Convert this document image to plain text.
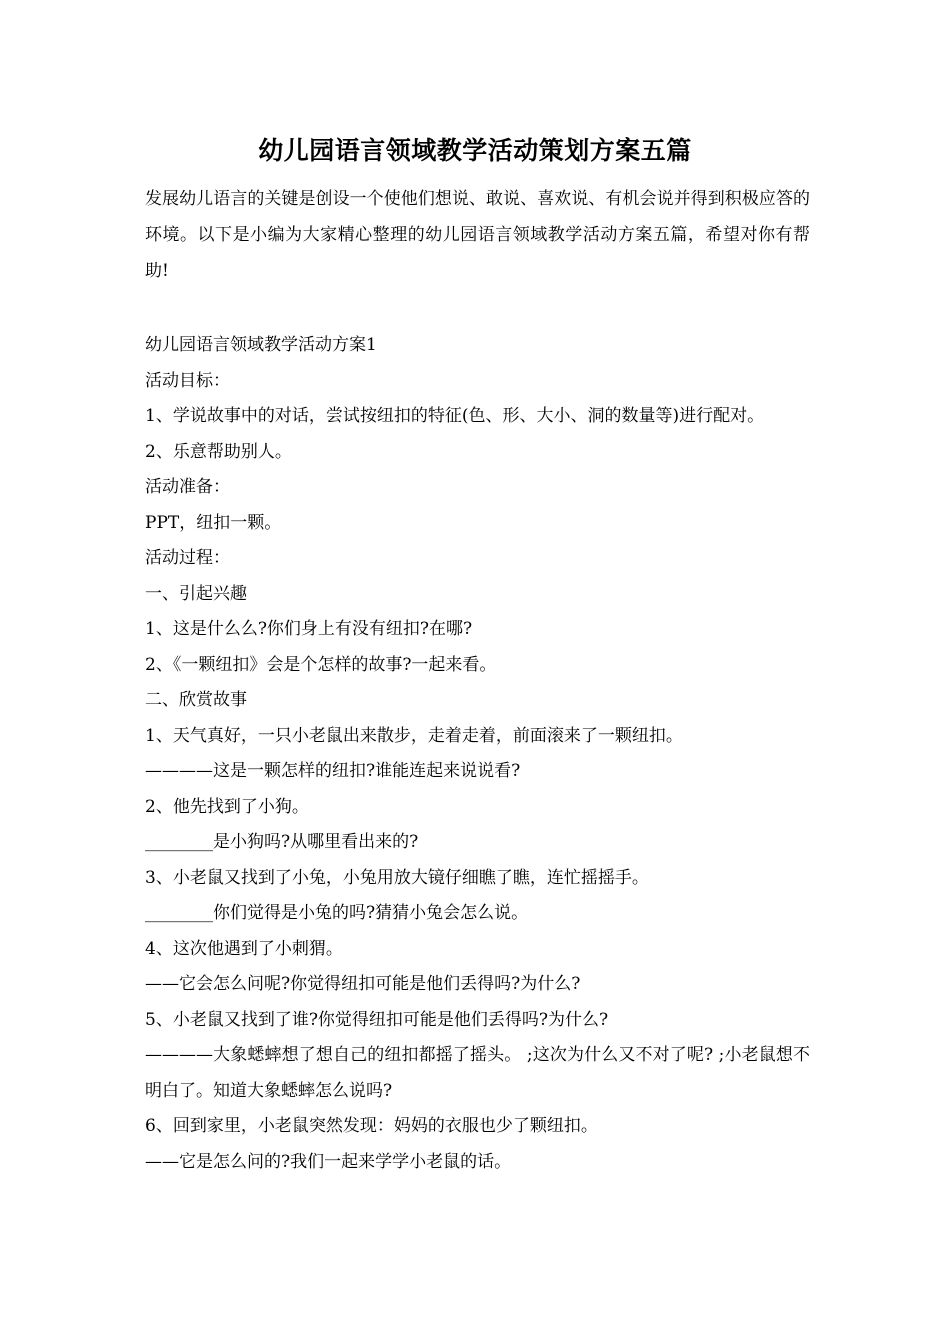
幼儿园语言领域教学活动策划方案五篇

发展幼儿语言的关键是创设一个使他们想说、敢说、喜欢说、有机会说并得到积极应答的环境。以下是小编为大家精心整理的幼儿园语言领域教学活动方案五篇，希望对你有帮助!

幼儿园语言领域教学活动方案1

活动目标：

1、学说故事中的对话，尝试按纽扣的特征(色、形、大小、洞的数量等)进行配对。

2、乐意帮助别人。

活动准备：

PPT，纽扣一颗。

活动过程：

一、引起兴趣

1、这是什么么?你们身上有没有纽扣?在哪?

2、《一颗纽扣》会是个怎样的故事?一起来看。

二、欣赏故事

1、天气真好，一只小老鼠出来散步，走着走着，前面滚来了一颗纽扣。

————这是一颗怎样的纽扣?谁能连起来说说看?

2、他先找到了小狗。

________是小狗吗?从哪里看出来的?

3、小老鼠又找到了小兔，小兔用放大镜仔细瞧了瞧，连忙摇摇手。

________你们觉得是小兔的吗?猜猜小兔会怎么说。

4、这次他遇到了小刺猬。

——它会怎么问呢?你觉得纽扣可能是他们丢得吗?为什么?

5、小老鼠又找到了谁?你觉得纽扣可能是他们丢得吗?为什么?

————大象蟋蟀想了想自己的纽扣都摇了摇头。 ;这次为什么又不对了呢? ;小老鼠想不明白了。知道大象蟋蟀怎么说吗?

6、回到家里，小老鼠突然发现：妈妈的衣服也少了颗纽扣。

——它是怎么问的?我们一起来学学小老鼠的话。
